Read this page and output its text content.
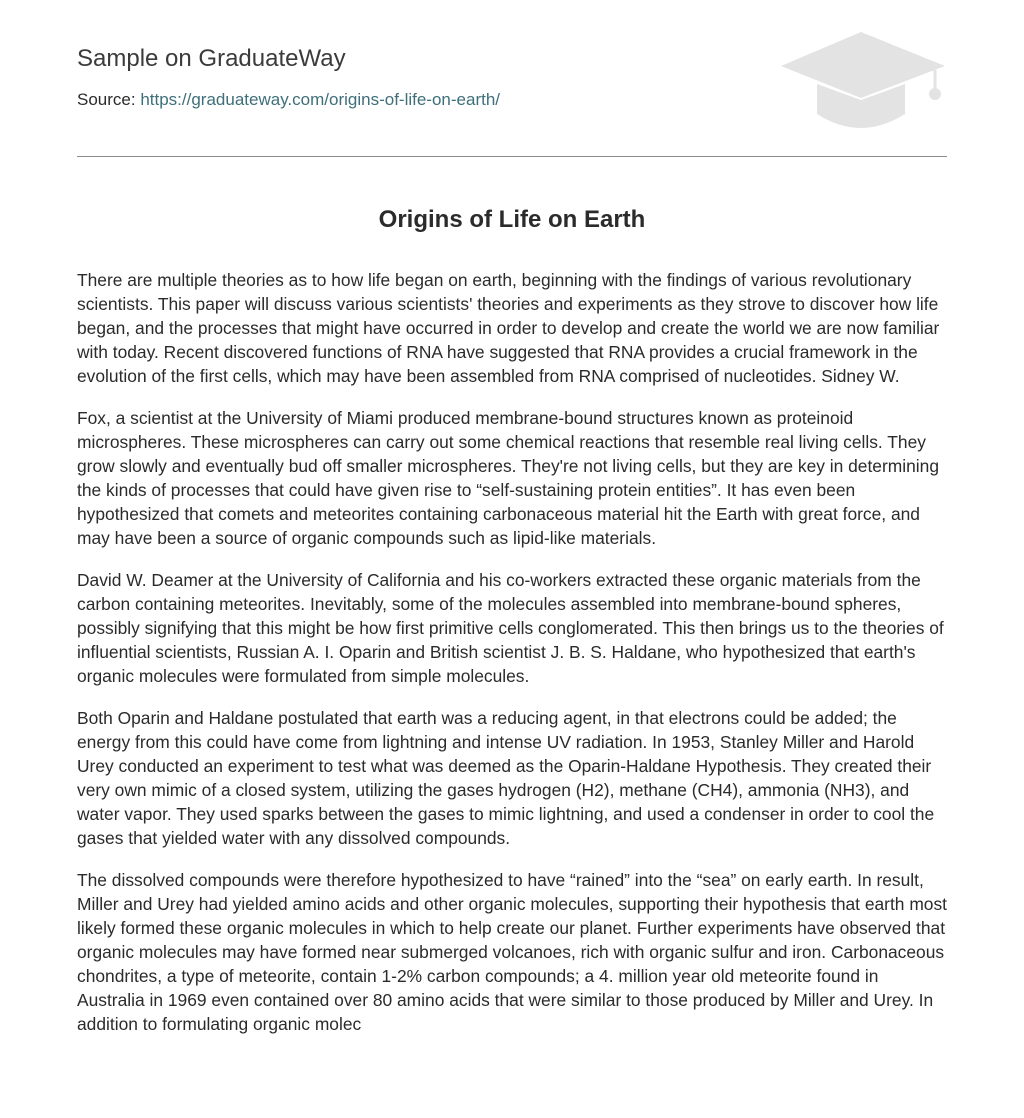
Sample on GraduateWay
Source: https://graduateway.com/origins-of-life-on-earth/
Origins of Life on Earth

There are multiple theories as to how life began on earth, beginning with the findings of various revolutionary scientists. This paper will discuss various scientists' theories and experiments as they strove to discover how life began, and the processes that might have occurred in order to develop and create the world we are now familiar with today. Recent discovered functions of RNA have suggested that RNA provides a crucial framework in the evolution of the first cells, which may have been assembled from RNA comprised of nucleotides. Sidney W.

Fox, a scientist at the University of Miami produced membrane-bound structures known as proteinoid microspheres. These microspheres can carry out some chemical reactions that resemble real living cells. They grow slowly and eventually bud off smaller microspheres. They're not living cells, but they are key in determining the kinds of processes that could have given rise to “self-sustaining protein entities”. It has even been hypothesized that comets and meteorites containing carbonaceous material hit the Earth with great force, and may have been a source of organic compounds such as lipid-like materials.

David W. Deamer at the University of California and his co-workers extracted these organic materials from the carbon containing meteorites. Inevitably, some of the molecules assembled into membrane-bound spheres, possibly signifying that this might be how first primitive cells conglomerated. This then brings us to the theories of influential scientists, Russian A. I. Oparin and British scientist J. B. S. Haldane, who hypothesized that earth's organic molecules were formulated from simple molecules.

Both Oparin and Haldane postulated that earth was a reducing agent, in that electrons could be added; the energy from this could have come from lightning and intense UV radiation. In 1953, Stanley Miller and Harold Urey conducted an experiment to test what was deemed as the Oparin-Haldane Hypothesis. They created their very own mimic of a closed system, utilizing the gases hydrogen (H2), methane (CH4), ammonia (NH3), and water vapor. They used sparks between the gases to mimic lightning, and used a condenser in order to cool the gases that yielded water with any dissolved compounds.

The dissolved compounds were therefore hypothesized to have “rained” into the “sea” on early earth. In result, Miller and Urey had yielded amino acids and other organic molecules, supporting their hypothesis that earth most likely formed these organic molecules in which to help create our planet. Further experiments have observed that organic molecules may have formed near submerged volcanoes, rich with organic sulfur and iron. Carbonaceous chondrites, a type of meteorite, contain 1-2% carbon compounds; a 4. million year old meteorite found in Australia in 1969 even contained over 80 amino acids that were similar to those produced by Miller and Urey. In addition to formulating organic molec
